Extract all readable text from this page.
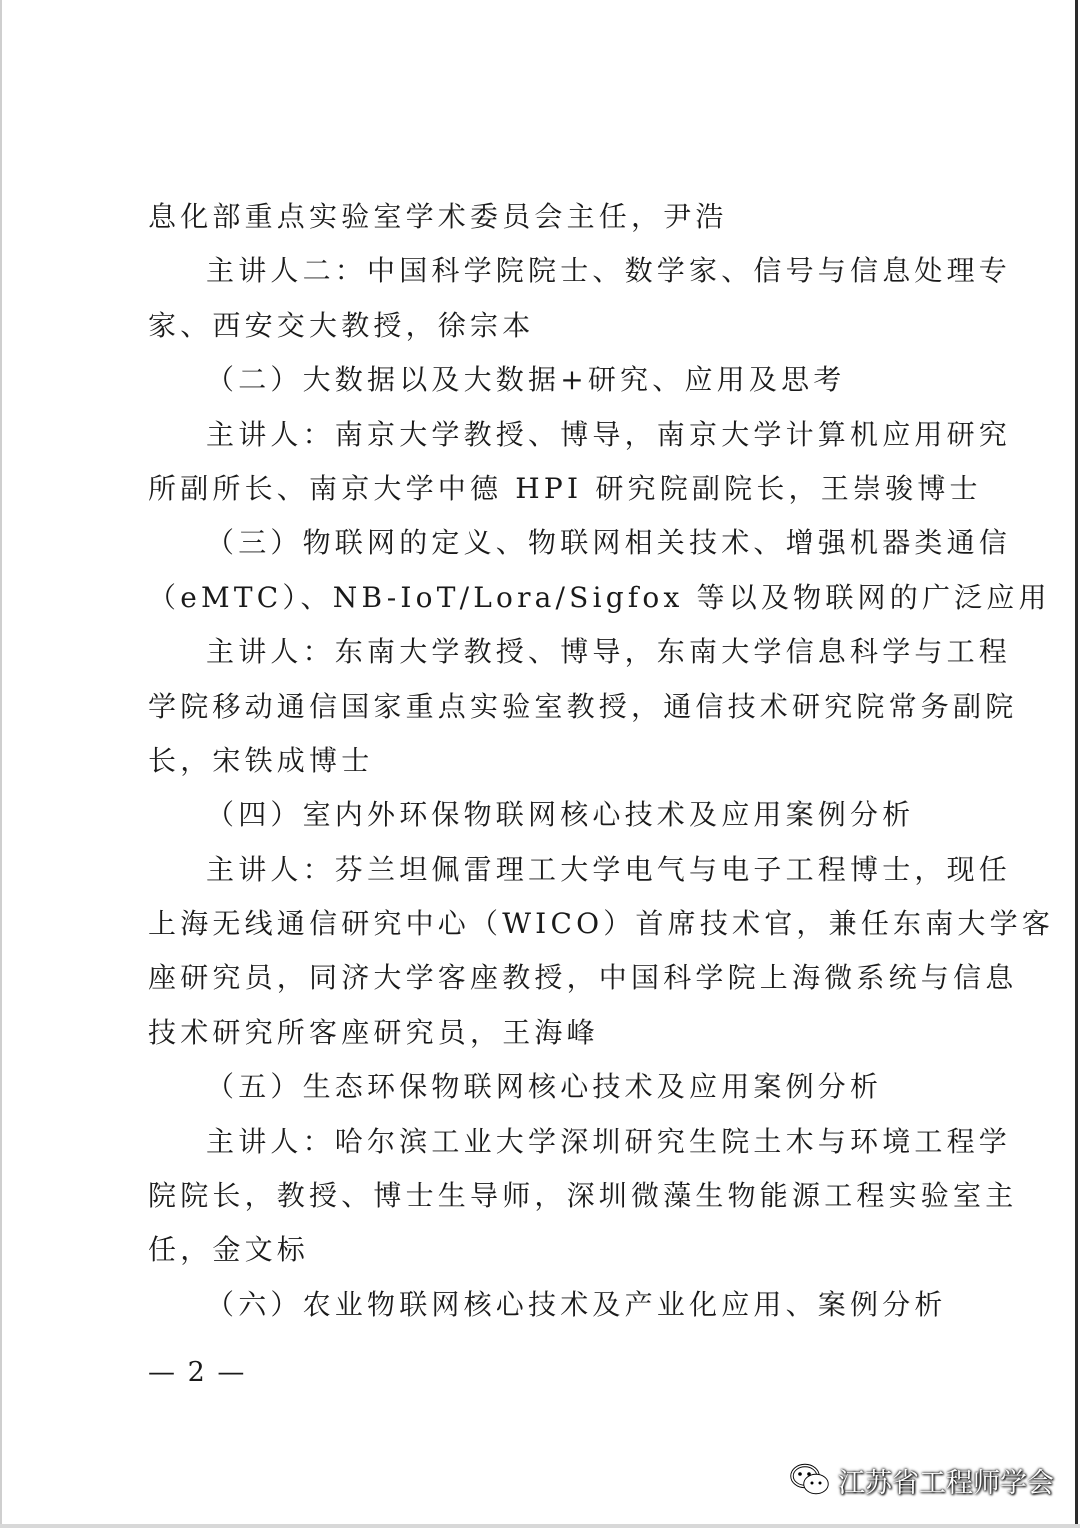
息化部重点实验室学术委员会主任，尹浩
主讲人二：中国科学院院士、数学家、信号与信息处理专
家、西安交大教授，徐宗本
（二）大数据以及大数据+研究、应用及思考
主讲人：南京大学教授、博导，南京大学计算机应用研究
所副所长、南京大学中德 HPI 研究院副院长，王崇骏博士
（三）物联网的定义、物联网相关技术、增强机器类通信
（eMTC）、NB-IoT/Lora/Sigfox 等以及物联网的广泛应用
主讲人：东南大学教授、博导，东南大学信息科学与工程
学院移动通信国家重点实验室教授，通信技术研究院常务副院
长，宋铁成博士
（四）室内外环保物联网核心技术及应用案例分析
主讲人：芬兰坦佩雷理工大学电气与电子工程博士，现任
上海无线通信研究中心（WICO）首席技术官，兼任东南大学客
座研究员，同济大学客座教授，中国科学院上海微系统与信息
技术研究所客座研究员，王海峰
（五）生态环保物联网核心技术及应用案例分析
主讲人：哈尔滨工业大学深圳研究生院土木与环境工程学
院院长，教授、博士生导师，深圳微藻生物能源工程实验室主
任，金文标
（六）农业物联网核心技术及产业化应用、案例分析
— 2 —
江苏省工程师学会
